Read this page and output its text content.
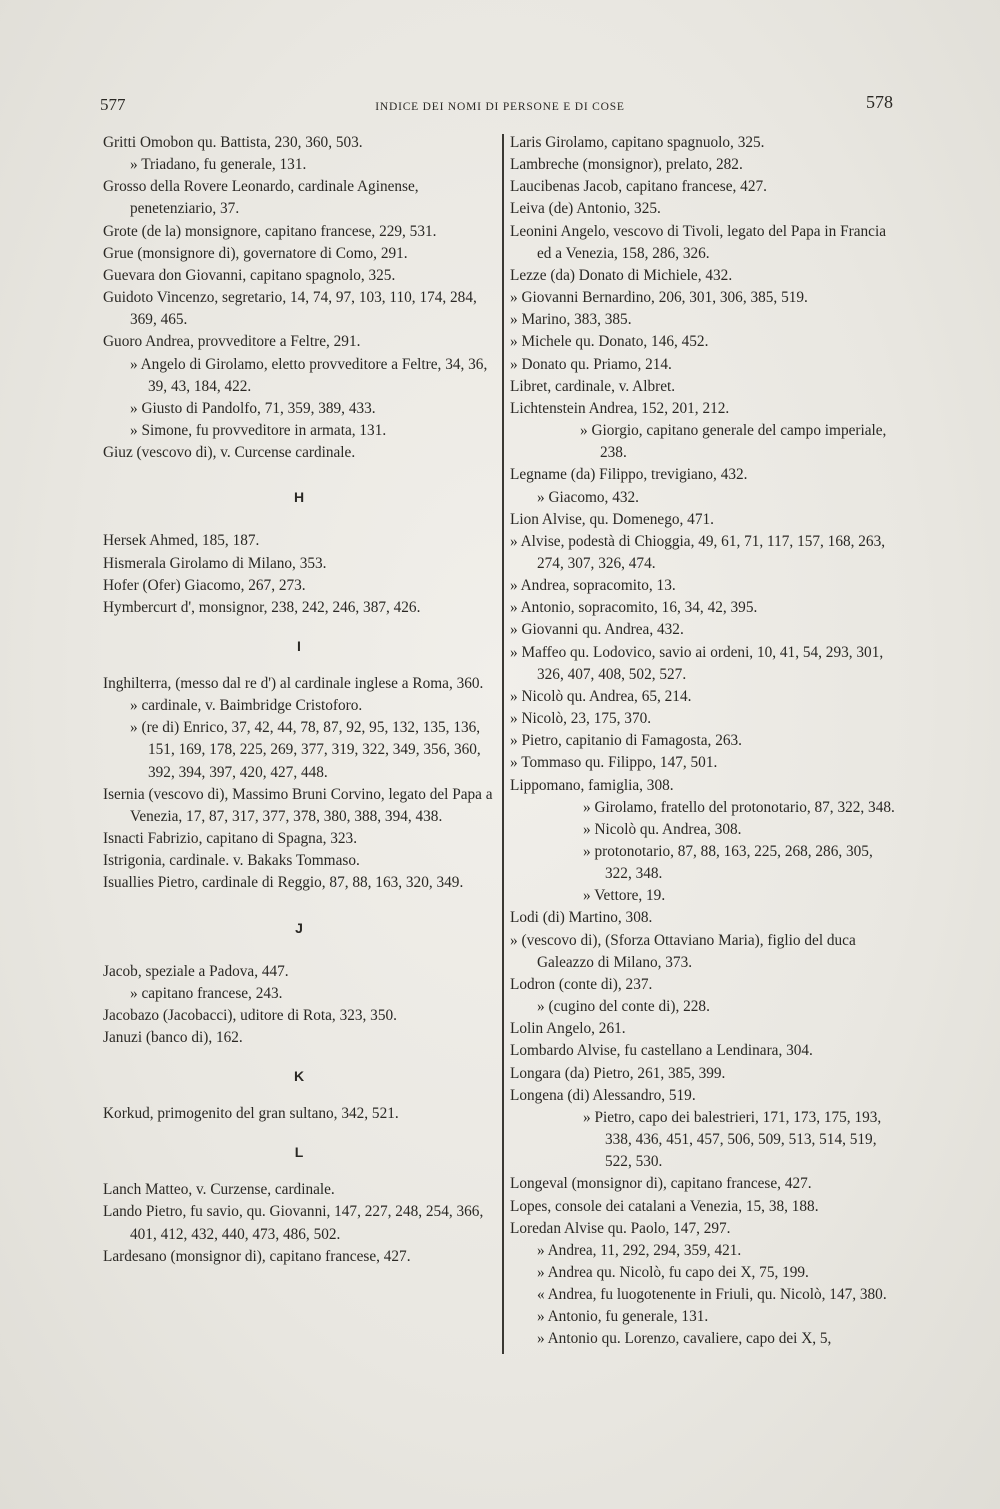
577	INDICE DEI NOMI DI PERSONE E DI COSE	578
Gritti Omobon qu. Battista, 230, 360, 503.
» Triadano, fu generale, 131.
Grosso della Rovere Leonardo, cardinale Aginense, penetenziario, 37.
Grote (de la) monsignore, capitano francese, 229, 531.
Grue (monsignore di), governatore di Como, 291.
Guevara don Giovanni, capitano spagnolo, 325.
Guidoto Vincenzo, segretario, 14, 74, 97, 103, 110, 174, 284, 369, 465.
Guoro Andrea, provveditore a Feltre, 291.
» Angelo di Girolamo, eletto provveditore a Feltre, 34, 36, 39, 43, 184, 422.
» Giusto di Pandolfo, 71, 359, 389, 433.
» Simone, fu provveditore in armata, 131.
Giuz (vescovo di), v. Curcense cardinale.
H
Hersek Ahmed, 185, 187.
Hismerala Girolamo di Milano, 353.
Hofer (Ofer) Giacomo, 267, 273.
Hymbercurt d', monsignor, 238, 242, 246, 387, 426.
I
Inghilterra, (messo dal re d') al cardinale inglese a Roma, 360.
» cardinale, v. Baimbridge Cristoforo.
» (re di) Enrico, 37, 42, 44, 78, 87, 92, 95, 132, 135, 136, 151, 169, 178, 225, 269, 377, 319, 322, 349, 356, 360, 392, 394, 397, 420, 427, 448.
Isernia (vescovo di), Massimo Bruni Corvino, legato del Papa a Venezia, 17, 87, 317, 377, 378, 380, 388, 394, 438.
Isnacti Fabrizio, capitano di Spagna, 323.
Istrigonia, cardinale. v. Bakaks Tommaso.
Isuallies Pietro, cardinale di Reggio, 87, 88, 163, 320, 349.
J
Jacob, speziale a Padova, 447.
» capitano francese, 243.
Jacobazo (Jacobacci), uditore di Rota, 323, 350.
Januzi (banco di), 162.
K
Korkud, primogenito del gran sultano, 342, 521.
L
Lanch Matteo, v. Curzense, cardinale.
Lando Pietro, fu savio, qu. Giovanni, 147, 227, 248, 254, 366, 401, 412, 432, 440, 473, 486, 502.
Lardesano (monsignor di), capitano francese, 427.
Laris Girolamo, capitano spagnuolo, 325.
Lambreche (monsignor), prelato, 282.
Laucibenas Jacob, capitano francese, 427.
Leiva (de) Antonio, 325.
Leonini Angelo, vescovo di Tivoli, legato del Papa in Francia ed a Venezia, 158, 286, 326.
Lezze (da) Donato di Michiele, 432.
» Giovanni Bernardino, 206, 301, 306, 385, 519.
» Marino, 383, 385.
» Michele qu. Donato, 146, 452.
» Donato qu. Priamo, 214.
Libret, cardinale, v. Albret.
Lichtenstein Andrea, 152, 201, 212.
» Giorgio, capitano generale del campo imperiale, 238.
Legname (da) Filippo, trevigiano, 432.
» Giacomo, 432.
Lion Alvise, qu. Domenego, 471.
» Alvise, podestà di Chioggia, 49, 61, 71, 117, 157, 168, 263, 274, 307, 326, 474.
» Andrea, sopracomito, 13.
» Antonio, sopracomito, 16, 34, 42, 395.
» Giovanni qu. Andrea, 432.
» Maffeo qu. Lodovico, savio ai ordeni, 10, 41, 54, 293, 301, 326, 407, 408, 502, 527.
» Nicolò qu. Andrea, 65, 214.
» Nicolò, 23, 175, 370.
» Pietro, capitanio di Famagosta, 263.
» Tommaso qu. Filippo, 147, 501.
Lippomano, famiglia, 308.
» Girolamo, fratello del protonotario, 87, 322, 348.
» Nicolò qu. Andrea, 308.
» protonotario, 87, 88, 163, 225, 268, 286, 305, 322, 348.
» Vettore, 19.
Lodi (di) Martino, 308.
» (vescovo di), (Sforza Ottaviano Maria), figlio del duca Galeazzo di Milano, 373.
Lodron (conte di), 237.
» (cugino del conte di), 228.
Lolin Angelo, 261.
Lombardo Alvise, fu castellano a Lendinara, 304.
Longara (da) Pietro, 261, 385, 399.
Longena (di) Alessandro, 519.
» Pietro, capo dei balestrieri, 171, 173, 175, 193, 338, 436, 451, 457, 506, 509, 513, 514, 519, 522, 530.
Longeval (monsignor di), capitano francese, 427.
Lopes, console dei catalani a Venezia, 15, 38, 188.
Loredan Alvise qu. Paolo, 147, 297.
» Andrea, 11, 292, 294, 359, 421.
» Andrea qu. Nicolò, fu capo dei X, 75, 199.
« Andrea, fu luogotenente in Friuli, qu. Nicolò, 147, 380.
» Antonio, fu generale, 131.
» Antonio qu. Lorenzo, cavaliere, capo dei X, 5,
